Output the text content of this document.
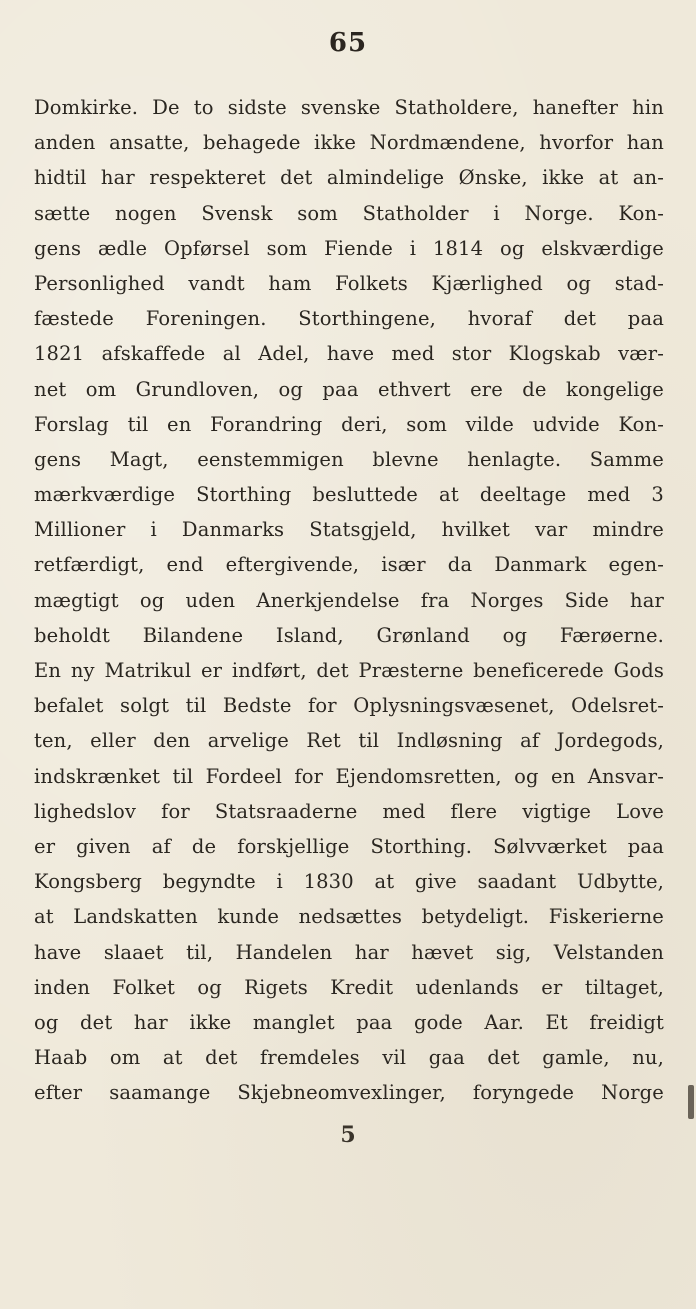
65
Domkirke. De to sidste svenske Statholdere, hanefter hin
anden ansatte, behagede ikke Nordmændene, hvorfor han
hidtil har respekteret det almindelige Ønske, ikke at an-
sætte nogen Svensk som Statholder i Norge. Kon-
gens ædle Opførsel som Fiende i 1814 og elskværdige
Personlighed vandt ham Folkets Kjærlighed og stad-
fæstede Foreningen. Storthingene, hvoraf det paa
1821 afskaffede al Adel, have med stor Klogskab vær-
net om Grundloven, og paa ethvert ere de kongelige
Forslag til en Forandring deri, som vilde udvide Kon-
gens Magt, eenstemmigen blevne henlagte. Samme
mærkværdige Storthing besluttede at deeltage med 3
Millioner i Danmarks Statsgjeld, hvilket var mindre
retfærdigt, end eftergivende, især da Danmark egen-
mægtigt og uden Anerkjendelse fra Norges Side har
beholdt Bilandene Island, Grønland og Færøerne.
En ny Matrikul er indført, det Præsterne beneficerede Gods
befalet solgt til Bedste for Oplysningsvæsenet, Odelsret-
ten, eller den arvelige Ret til Indløsning af Jordegods,
indskrænket til Fordeel for Ejendomsretten, og en Ansvar-
lighedslov for Statsraaderne med flere vigtige Love
er given af de forskjellige Storthing. Sølvværket paa
Kongsberg begyndte i 1830 at give saadant Udbytte,
at Landskatten kunde nedsættes betydeligt. Fiskerierne
have slaaet til, Handelen har hævet sig, Velstanden
inden Folket og Rigets Kredit udenlands er tiltaget,
og det har ikke manglet paa gode Aar. Et freidigt
Haab om at det fremdeles vil gaa det gamle, nu,
efter saamange Skjebneomvexlinger, foryngede Norge
5
